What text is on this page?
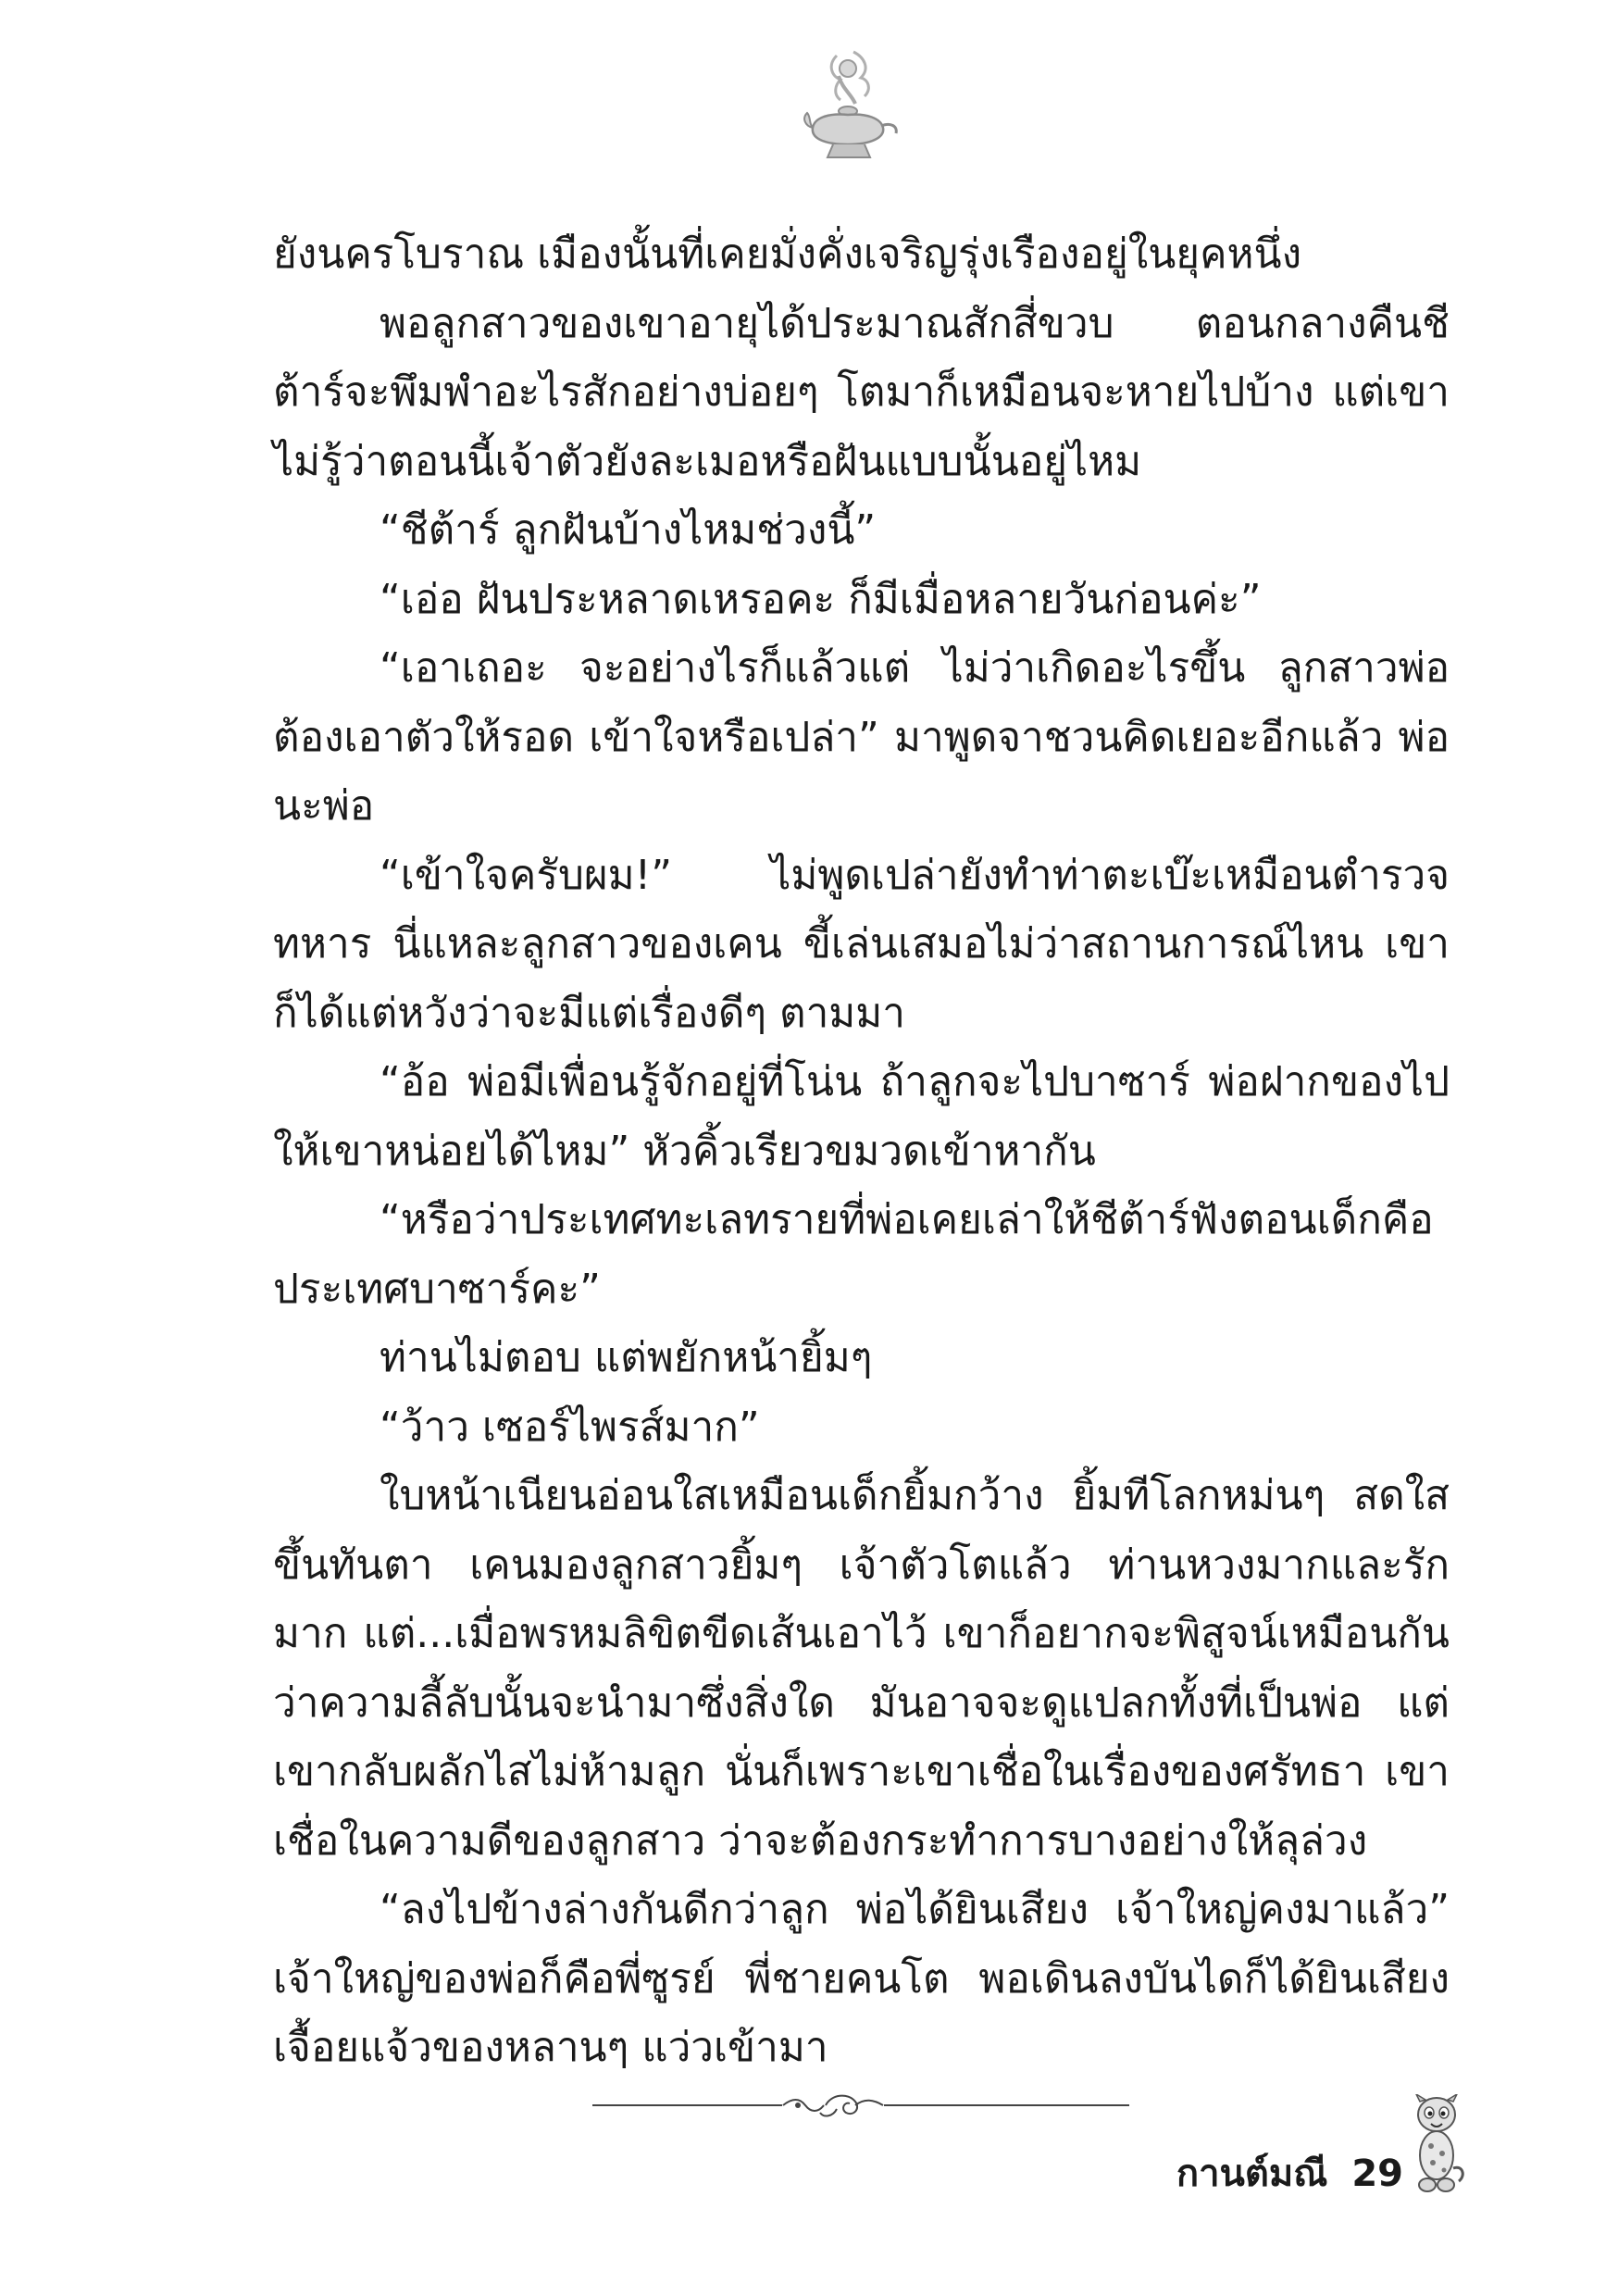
ยังนครโบราณ เมืองนั้นที่เคยมั่งคั่งเจริญรุ่งเรืองอยู่ในยุคหนึ่ง

พอลูกสาวของเขาอายุได้ประมาณสักสี่ขวบ ตอนกลางคืนชีต้าร์จะพึมพำอะไรสักอย่างบ่อยๆ โตมาก็เหมือนจะหายไปบ้าง แต่เขาไม่รู้ว่าตอนนี้เจ้าตัวยังละเมอหรือฝันแบบนั้นอยู่ไหม

“ชีต้าร์ ลูกฝันบ้างไหมช่วงนี้”

“เอ่อ ฝันประหลาดเหรอคะ ก็มีเมื่อหลายวันก่อนค่ะ”

“เอาเถอะ จะอย่างไรก็แล้วแต่ ไม่ว่าเกิดอะไรขึ้น ลูกสาวพ่อต้องเอาตัวให้รอด เข้าใจหรือเปล่า” มาพูดจาชวนคิดเยอะอีกแล้ว พ่อนะพ่อ

“เข้าใจครับผม!” ไม่พูดเปล่ายังทำท่าตะเบ๊ะเหมือนตำรวจทหาร นี่แหละลูกสาวของเคน ขี้เล่นเสมอไม่ว่าสถานการณ์ไหน เขาก็ได้แต่หวังว่าจะมีแต่เรื่องดีๆ ตามมา

“อ้อ พ่อมีเพื่อนรู้จักอยู่ที่โน่น ถ้าลูกจะไปบาซาร์ พ่อฝากของไปให้เขาหน่อยได้ไหม” หัวคิ้วเรียวขมวดเข้าหากัน

“หรือว่าประเทศทะเลทรายที่พ่อเคยเล่าให้ชีต้าร์ฟังตอนเด็กคือประเทศบาซาร์คะ”

ท่านไม่ตอบ แต่พยักหน้ายิ้มๆ

“ว้าว เซอร์ไพรส์มาก”

ใบหน้าเนียนอ่อนใสเหมือนเด็กยิ้มกว้าง ยิ้มทีโลกหม่นๆ สดใสขึ้นทันตา เคนมองลูกสาวยิ้มๆ เจ้าตัวโตแล้ว ท่านหวงมากและรักมาก แต่...เมื่อพรหมลิขิตขีดเส้นเอาไว้ เขาก็อยากจะพิสูจน์เหมือนกันว่าความลี้ลับนั้นจะนำมาซึ่งสิ่งใด มันอาจจะดูแปลกทั้งที่เป็นพ่อ แต่เขากลับผลักไสไม่ห้ามลูก นั่นก็เพราะเขาเชื่อในเรื่องของศรัทธา เขาเชื่อในความดีของลูกสาว ว่าจะต้องกระทำการบางอย่างให้ลุล่วง

“ลงไปข้างล่างกันดีกว่าลูก พ่อได้ยินเสียง เจ้าใหญ่คงมาแล้ว” เจ้าใหญ่ของพ่อก็คือพี่ซูรย์ พี่ชายคนโต พอเดินลงบันไดก็ได้ยินเสียงเจื้อยแจ้วของหลานๆ แว่วเข้ามา

กานต์มณี 29
